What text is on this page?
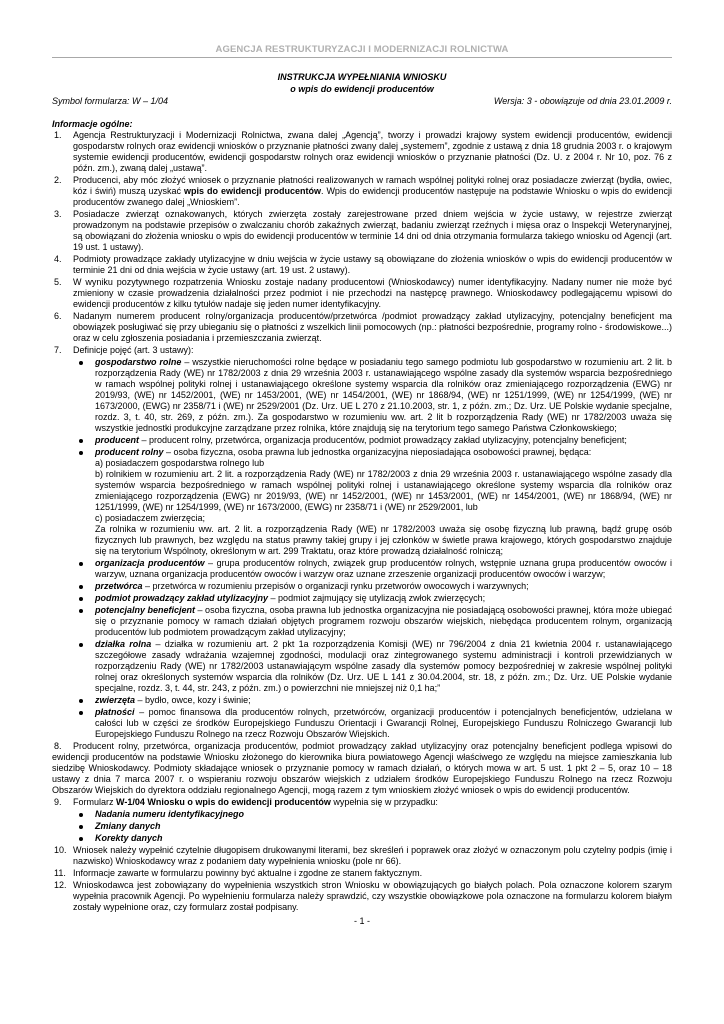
AGENCJA RESTRUKTURYZACJI I MODERNIZACJI ROLNICTWA
INSTRUKCJA WYPEŁNIANIA WNIOSKU
o wpis do ewidencji producentów
Symbol formularza: W – 1/04	Wersja: 3 - obowiązuje od dnia 23.01.2009 r.
Informacje ogólne:
1. Agencja Restrukturyzacji i Modernizacji Rolnictwa, zwana dalej „Agencją”, tworzy i prowadzi krajowy system ewidencji producentów, ewidencji gospodarstw rolnych oraz ewidencji wniosków o przyznanie płatności zwany dalej „systemem”, zgodnie z ustawą z dnia 18 grudnia 2003 r. o krajowym systemie ewidencji producentów, ewidencji gospodarstw rolnych oraz ewidencji wniosków o przyznanie płatności (Dz. U. z 2004 r. Nr 10, poz. 76 z późn. zm.), zwaną dalej „ustawą”.
2. Producenci, aby móc złożyć wniosek o przyznanie płatności realizowanych w ramach wspólnej polityki rolnej oraz posiadacze zwierząt (bydła, owiec, kóz i świń) muszą uzyskać wpis do ewidencji producentów. Wpis do ewidencji producentów następuje na podstawie Wniosku o wpis do ewidencji producentów zwanego dalej „Wnioskiem”.
3. Posiadacze zwierząt oznakowanych, których zwierzęta zostały zarejestrowane przed dniem wejścia w życie ustawy, w rejestrze zwierząt prowadzonym na podstawie przepisów o zwalczaniu chorób zakaźnych zwierząt, badaniu zwierząt rzeźnych i mięsa oraz o Inspekcji Weterynaryjnej, są obowiązani do złożenia wniosku o wpis do ewidencji producentów w terminie 14 dni od dnia otrzymania formularza takiego wniosku od Agencji (art. 19 ust. 1 ustawy).
4. Podmioty prowadzące zakłady utylizacyjne w dniu wejścia w życie ustawy są obowiązane do złożenia wniosków o wpis do ewidencji producentów w terminie 21 dni od dnia wejścia w życie ustawy (art. 19 ust. 2 ustawy).
5. W wyniku pozytywnego rozpatrzenia Wniosku zostaje nadany producentowi (Wnioskodawcy) numer identyfikacyjny. Nadany numer nie może być zmieniony w czasie prowadzenia działalności przez podmiot i nie przechodzi na następcę prawnego. Wnioskodawcy podlegającemu wpisowi do ewidencji producentów z kilku tytułów nadaje się jeden numer identyfikacyjny.
6. Nadanym numerem producent rolny/organizacja producentów/przetwórca /podmiot prowadzący zakład utylizacyjny, potencjalny beneficjent ma obowiązek posługiwać się przy ubieganiu się o płatności z wszelkich linii pomocowych (np.: płatności bezpośrednie, programy rolno - środowiskowe...) oraz w celu zgłoszenia posiadania i przemieszczania zwierząt.
7. Definicje pojęć (art. 3 ustawy):
gospodarstwo rolne – wszystkie nieruchomości rolne będące w posiadaniu tego samego podmiotu lub gospodarstwo w rozumieniu art. 2 lit. b rozporządzenia Rady (WE) nr 1782/2003 z dnia 29 września 2003 r. ustanawiającego wspólne zasady dla systemów wsparcia bezpośredniego w ramach wspólnej polityki rolnej i ustanawiającego określone systemy wsparcia dla rolników oraz zmieniającego rozporządzenia (EWG) nr 2019/93, (WE) nr 1452/2001, (WE) nr 1453/2001, (WE) nr 1454/2001, (WE) nr 1868/94, (WE) nr 1251/1999, (WE) nr 1254/1999, (WE) nr 1673/2000, (EWG) nr 2358/71 i (WE) nr 2529/2001 (Dz. Urz. UE L 270 z 21.10.2003, str. 1, z późn. zm.; Dz. Urz. UE Polskie wydanie specjalne, rozdz. 3, t. 40, str. 269, z późn. zm.). Za gospodarstwo w rozumieniu ww. art. 2 lit b rozporządzenia Rady (WE) nr 1782/2003 uważa się wszystkie jednostki produkcyjne zarządzane przez rolnika, które znajdują się na terytorium tego samego Państwa Członkowskiego;
producent – producent rolny, przetwórca, organizacja producentów, podmiot prowadzący zakład utylizacyjny, potencjalny beneficjent;
producent rolny – osoba fizyczna, osoba prawna lub jednostka organizacyjna nieposiadająca osobowości prawnej, będąca:
a) posiadaczem gospodarstwa rolnego lub
b) rolnikiem w rozumieniu art. 2 lit. a rozporządzenia Rady (WE) nr 1782/2003 z dnia 29 września 2003 r. ustanawiającego wspólne zasady dla systemów wsparcia bezpośredniego w ramach wspólnej polityki rolnej i ustanawiającego określone systemy wsparcia dla rolników oraz zmieniającego rozporządzenia (EWG) nr 2019/93, (WE) nr 1452/2001, (WE) nr 1453/2001, (WE) nr 1454/2001, (WE) nr 1868/94, (WE) nr 1251/1999, (WE) nr 1254/1999, (WE) nr 1673/2000, (EWG) nr 2358/71 i (WE) nr 2529/2001, lub
c) posiadaczem zwierzęcia;
Za rolnika w rozumieniu ww. art. 2 lit. a rozporządzenia Rady (WE) nr 1782/2003 uważa się osobę fizyczną lub prawną, bądź grupę osób fizycznych lub prawnych, bez względu na status prawny takiej grupy i jej członków w świetle prawa krajowego, których gospodarstwo znajduje się na terytorium Wspólnoty, określonym w art. 299 Traktatu, oraz które prowadzą działalność rolniczą;
organizacja producentów – grupa producentów rolnych, związek grup producentów rolnych, wstępnie uznana grupa producentów owoców i warzyw, uznana organizacja producentów owoców i warzyw oraz uznane zrzeszenie organizacji producentów owoców i warzyw;
przetwórca – przetwórca w rozumieniu przepisów o organizacji rynku przetworów owocowych i warzywnych;
podmiot prowadzący zakład utylizacyjny – podmiot zajmujący się utylizacją zwłok zwierzęcych;
potencjalny beneficjent – osoba fizyczna, osoba prawna lub jednostka organizacyjna nie posiadającą osobowości prawnej, która może ubiegać się o przyznanie pomocy w ramach działań objętych programem rozwoju obszarów wiejskich, niebędąca producentem rolnym, organizacją producentów lub podmiotem prowadzącym zakład utylizacyjny;
działka rolna – działka w rozumieniu art. 2 pkt 1a rozporządzenia Komisji (WE) nr 796/2004 z dnia 21 kwietnia 2004 r. ustanawiającego szczegółowe zasady wdrażania wzajemnej zgodności, modulacji oraz zintegrowanego systemu administracji i kontroli przewidzianych w rozporządzeniu Rady (WE) nr 1782/2003 ustanawiającym wspólne zasady dla systemów pomocy bezpośredniej w zakresie wspólnej polityki rolnej oraz określonych systemów wsparcia dla rolników (Dz. Urz. UE L 141 z 30.04.2004, str. 18, z późn. zm.; Dz. Urz. UE Polskie wydanie specjalne, rozdz. 3, t. 44, str. 243, z późn. zm.) o powierzchni nie mniejszej niż 0,1 ha;”
zwierzęta – bydło, owce, kozy i świnie;
płatności – pomoc finansowa dla producentów rolnych, przetwórców, organizacji producentów i potencjalnych beneficjentów, udzielana w całości lub w części ze środków Europejskiego Funduszu Orientacji i Gwarancji Rolnej, Europejskiego Funduszu Rolniczego Gwarancji lub Europejskiego Funduszu Rolnego na rzecz Rozwoju Obszarów Wiejskich.
8. Producent rolny, przetwórca, organizacja producentów, podmiot prowadzący zakład utylizacyjny oraz potencjalny beneficjent podlega wpisowi do ewidencji producentów na podstawie Wniosku złożonego do kierownika biura powiatowego Agencji właściwego ze względu na miejsce zamieszkania lub siedzibę Wnioskodawcy. Podmioty składające wniosek o przyznanie pomocy w ramach działań, o których mowa w art. 5 ust. 1 pkt 2 – 5, oraz 10 – 18 ustawy z dnia 7 marca 2007 r. o wspieraniu rozwoju obszarów wiejskich z udziałem środków Europejskiego Funduszu Rolnego na rzecz Rozwoju Obszarów Wiejskich do dyrektora oddziału regionalnego Agencji, mogą razem z tym wnioskiem złożyć wniosek o wpis do ewidencji producentów.
9. Formularz W-1/04 Wniosku o wpis do ewidencji producentów wypełnia się w przypadku:
Nadania numeru identyfikacyjnego
Zmiany danych
Korekty danych
10. Wniosek należy wypełnić czytelnie długopisem drukowanymi literami, bez skreśleń i poprawek oraz złożyć w oznaczonym polu czytelny podpis (imię i nazwisko) Wnioskodawcy wraz z podaniem daty wypełnienia wniosku (pole nr 66).
11. Informacje zawarte w formularzu powinny być aktualne i zgodne ze stanem faktycznym.
12. Wnioskodawca jest zobowiązany do wypełnienia wszystkich stron Wniosku w obowiązujących go białych polach. Pola oznaczone kolorem szarym wypełnia pracownik Agencji. Po wypełnieniu formularza należy sprawdzić, czy wszystkie obowiązkowe pola oznaczone na formularzu kolorem białym zostały wypełnione oraz, czy formularz został podpisany.
- 1 -
